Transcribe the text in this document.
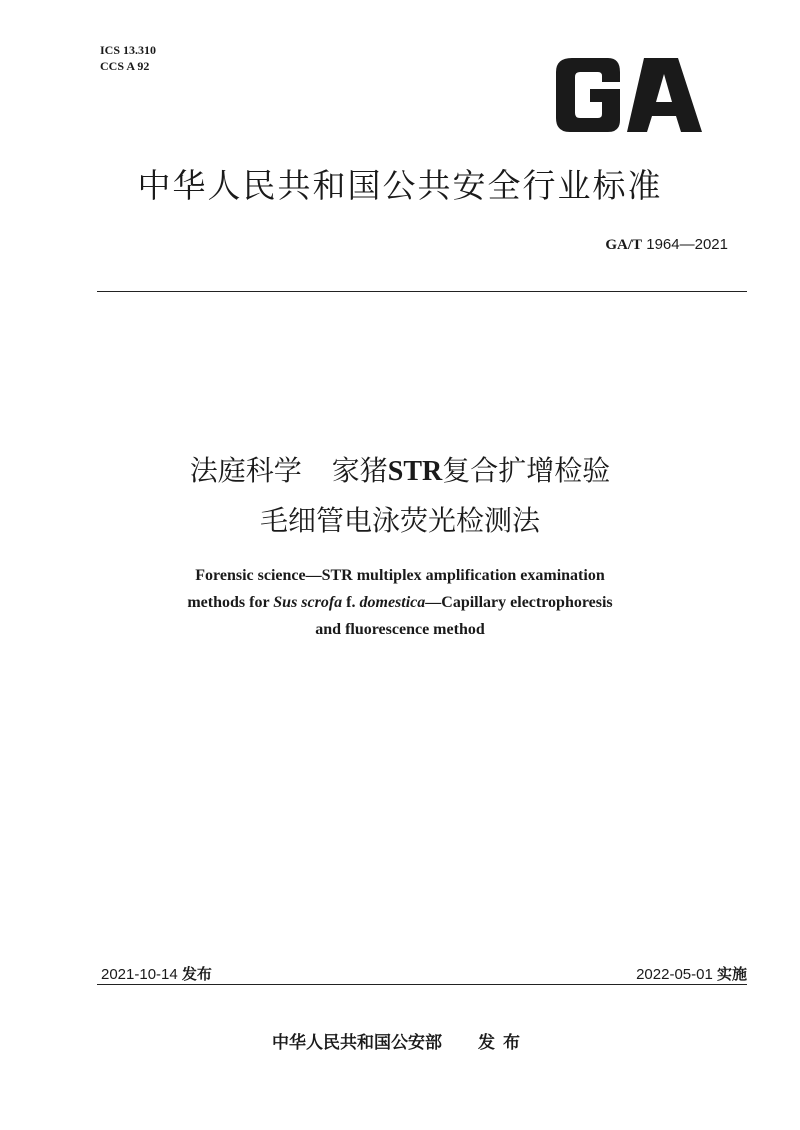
ICS 13.310
CCS A 92
中华人民共和国公共安全行业标准
GA/T 1964—2021
法庭科学 家猪STR复合扩增检验
毛细管电泳荧光检测法
Forensic science—STR multiplex amplification examination
methods for Sus scrofa f. domestica—Capillary electrophoresis
and fluorescence method
2021-10-14 发布	2022-05-01 实施
中华人民共和国公安部 发布
